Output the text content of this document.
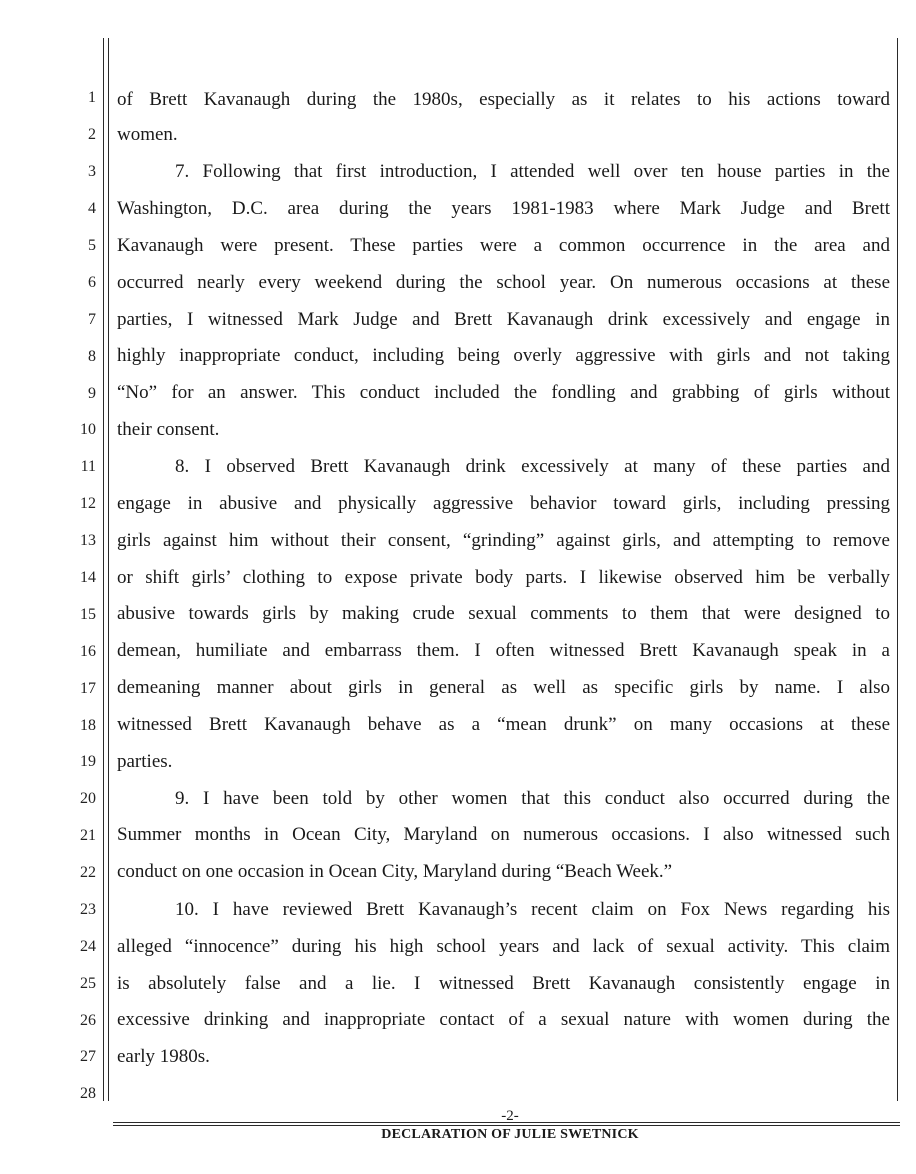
1
2
3
4
5
6
7
8
9
10
11
12
13
14
15
16
17
18
19
20
21
22
23
24
25
26
27
28
of Brett Kavanaugh during the 1980s, especially as it relates to his actions toward
women.
7. Following that first introduction, I attended well over ten house parties in the
Washington, D.C. area during the years 1981-1983 where Mark Judge and Brett
Kavanaugh were present. These parties were a common occurrence in the area and
occurred nearly every weekend during the school year. On numerous occasions at these
parties, I witnessed Mark Judge and Brett Kavanaugh drink excessively and engage in
highly inappropriate conduct, including being overly aggressive with girls and not taking
“No” for an answer. This conduct included the fondling and grabbing of girls without
their consent.
8. I observed Brett Kavanaugh drink excessively at many of these parties and
engage in abusive and physically aggressive behavior toward girls, including pressing
girls against him without their consent, “grinding” against girls, and attempting to remove
or shift girls’ clothing to expose private body parts. I likewise observed him be verbally
abusive towards girls by making crude sexual comments to them that were designed to
demean, humiliate and embarrass them. I often witnessed Brett Kavanaugh speak in a
demeaning manner about girls in general as well as specific girls by name. I also
witnessed Brett Kavanaugh behave as a “mean drunk” on many occasions at these
parties.
9. I have been told by other women that this conduct also occurred during the
Summer months in Ocean City, Maryland on numerous occasions. I also witnessed such
conduct on one occasion in Ocean City, Maryland during “Beach Week.”
10. I have reviewed Brett Kavanaugh’s recent claim on Fox News regarding his
alleged “innocence” during his high school years and lack of sexual activity. This claim
is absolutely false and a lie. I witnessed Brett Kavanaugh consistently engage in
excessive drinking and inappropriate contact of a sexual nature with women during the
early 1980s.
-2-
DECLARATION OF JULIE SWETNICK
